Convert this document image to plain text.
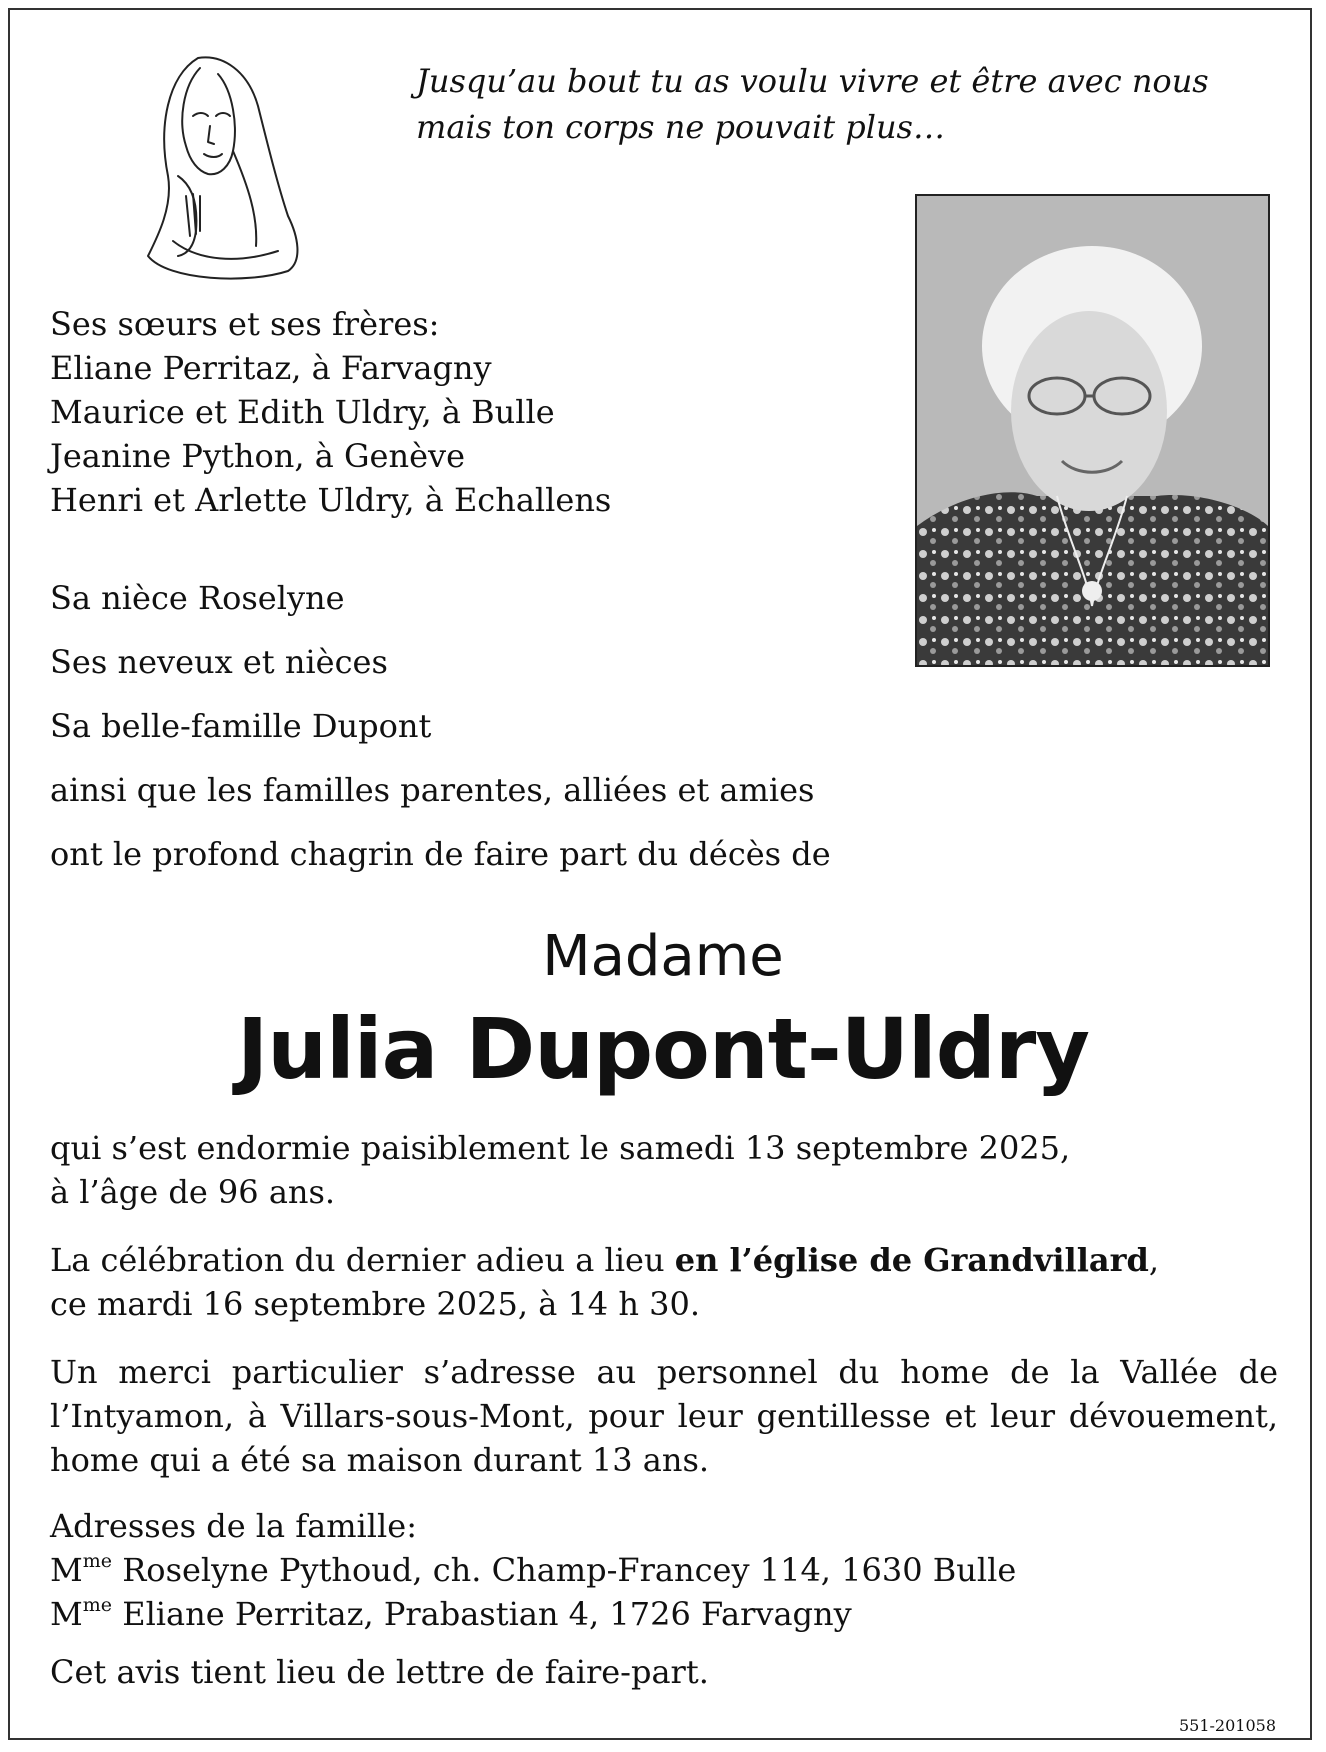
Jusqu’au bout tu as voulu vivre et être avec nous
mais ton corps ne pouvait plus…

Ses sœurs et ses frères:
Eliane Perritaz, à Farvagny
Maurice et Edith Uldry, à Bulle
Jeanine Python, à Genève
Henri et Arlette Uldry, à Echallens
Sa nièce Roselyne
Ses neveux et nièces
Sa belle-famille Dupont
ainsi que les familles parentes, alliées et amies
ont le profond chagrin de faire part du décès de

Madame

Julia Dupont-Uldry

qui s’est endormie paisiblement le samedi 13 septembre 2025,
à l’âge de 96 ans.
La célébration du dernier adieu a lieu en l’église de Grandvillard,
ce mardi 16 septembre 2025, à 14 h 30.
Un merci particulier s’adresse au personnel du home de la Vallée de l’Intyamon, à Villars-sous-Mont, pour leur gentillesse et leur dévouement, home qui a été sa maison durant 13 ans.
Adresses de la famille:
$M^{me}$ Roselyne Pythoud, ch. Champ-Francey 114, 1630 Bulle
$M^{me}$ Eliane Perritaz, Prabastian 4, 1726 Farvagny
Cet avis tient lieu de lettre de faire-part.
551-201058
